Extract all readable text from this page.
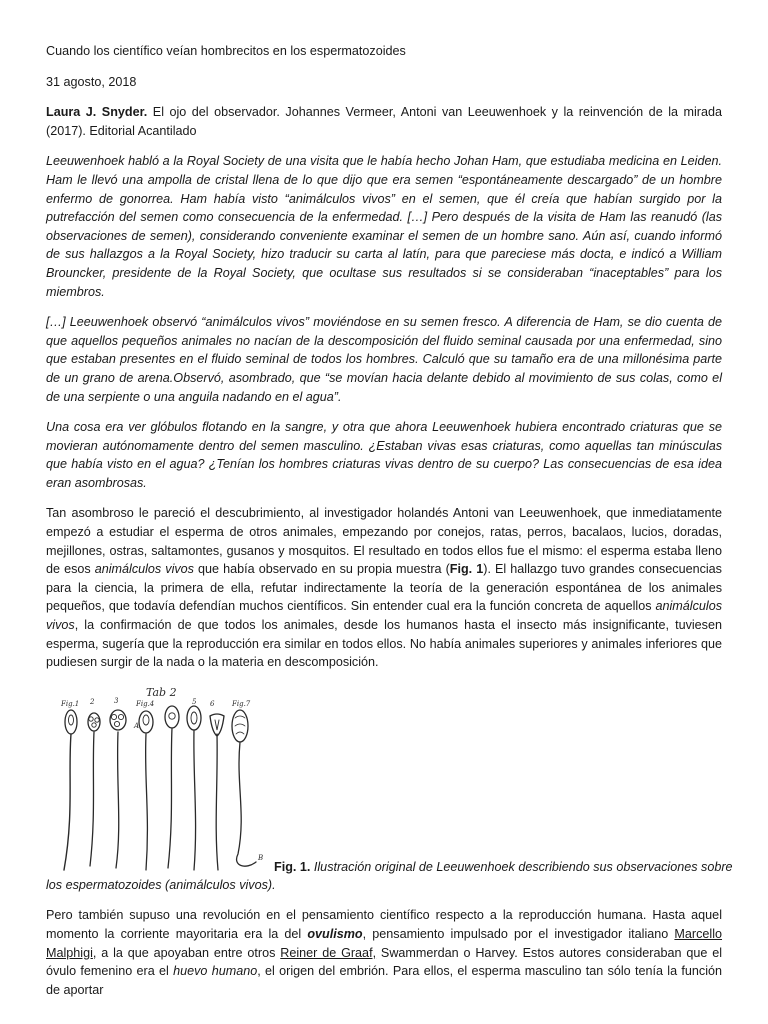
Cuando los científico veían hombrecitos en los espermatozoides

31 agosto, 2018

Laura J. Snyder. El ojo del observador. Johannes Vermeer, Antoni van Leeuwenhoek y la reinvención de la mirada (2017). Editorial Acantilado

Leeuwenhoek habló a la Royal Society de una visita que le había hecho Johan Ham, que estudiaba medicina en Leiden. Ham le llevó una ampolla de cristal llena de lo que dijo que era semen “espontáneamente descargado” de un hombre enfermo de gonorrea. Ham había visto “animálculos vivos” en el semen, que él creía que habían surgido por la putrefacción del semen como consecuencia de la enfermedad. […] Pero después de la visita de Ham las reanudó (las observaciones de semen), considerando conveniente examinar el semen de un hombre sano. Aún así, cuando informó de sus hallazgos a la Royal Society, hizo traducir su carta al latín, para que pareciese más docta, e indicó a William Brouncker, presidente de la Royal Society, que ocultase sus resultados si se consideraban “inaceptables” para los miembros.

[…] Leeuwenhoek observó “animálculos vivos” moviéndose en su semen fresco. A diferencia de Ham, se dio cuenta de que aquellos pequeños animales no nacían de la descomposición del fluido seminal causada por una enfermedad, sino que estaban presentes en el fluido seminal de todos los hombres. Calculó que su tamaño era de una millonésima parte de un grano de arena.Observó, asombrado, que “se movían hacia delante debido al movimiento de sus colas, como el de una serpiente o una anguila nadando en el agua”.

Una cosa era ver glóbulos flotando en la sangre, y otra que ahora Leeuwenhoek hubiera encontrado criaturas que se movieran autónomamente dentro del semen masculino. ¿Estaban vivas esas criaturas, como aquellas tan minúsculas que había visto en el agua? ¿Tenían los hombres criaturas vivas dentro de su cuerpo? Las consecuencias de esa idea eran asombrosas.

Tan asombroso le pareció el descubrimiento, al investigador holandés Antoni van Leeuwenhoek, que inmediatamente empezó a estudiar el esperma de otros animales, empezando por conejos, ratas, perros, bacalaos, lucios, doradas, mejillones, ostras, saltamontes, gusanos y mosquitos. El resultado en todos ellos fue el mismo: el esperma estaba lleno de esos animálculos vivos que había observado en su propia muestra (Fig. 1). El hallazgo tuvo grandes consecuencias para la ciencia, la primera de ella, refutar indirectamente la teoría de la generación espontánea de los animales pequeños, que todavía defendían muchos científicos. Sin entender cual era la función concreta de aquellos animálculos vivos, la confirmación de que todos los animales, desde los humanos hasta el insecto más insignificante, tuviesen esperma, sugería que la reproducción era similar en todos ellos. No había animales superiores y animales inferiores que pudiesen surgir de la nada o la materia en descomposición.

Tab 2
Fig.1 2	3	Fig.4	5 6	Fig.7
A
B
Fig. 1. Ilustración original de Leeuwenhoek describiendo sus observaciones sobre

los espermatozoides (animálculos vivos).

Pero también supuso una revolución en el pensamiento científico respecto a la reproducción humana. Hasta aquel momento la corriente mayoritaria era la del ovulismo, pensamiento impulsado por el investigador italiano Marcello Malphigi, a la que apoyaban entre otros Reiner de Graaf, Swammerdan o Harvey. Estos autores consideraban que el óvulo femenino era el huevo humano, el origen del embrión. Para ellos, el esperma masculino tan sólo tenía la función de aportar
